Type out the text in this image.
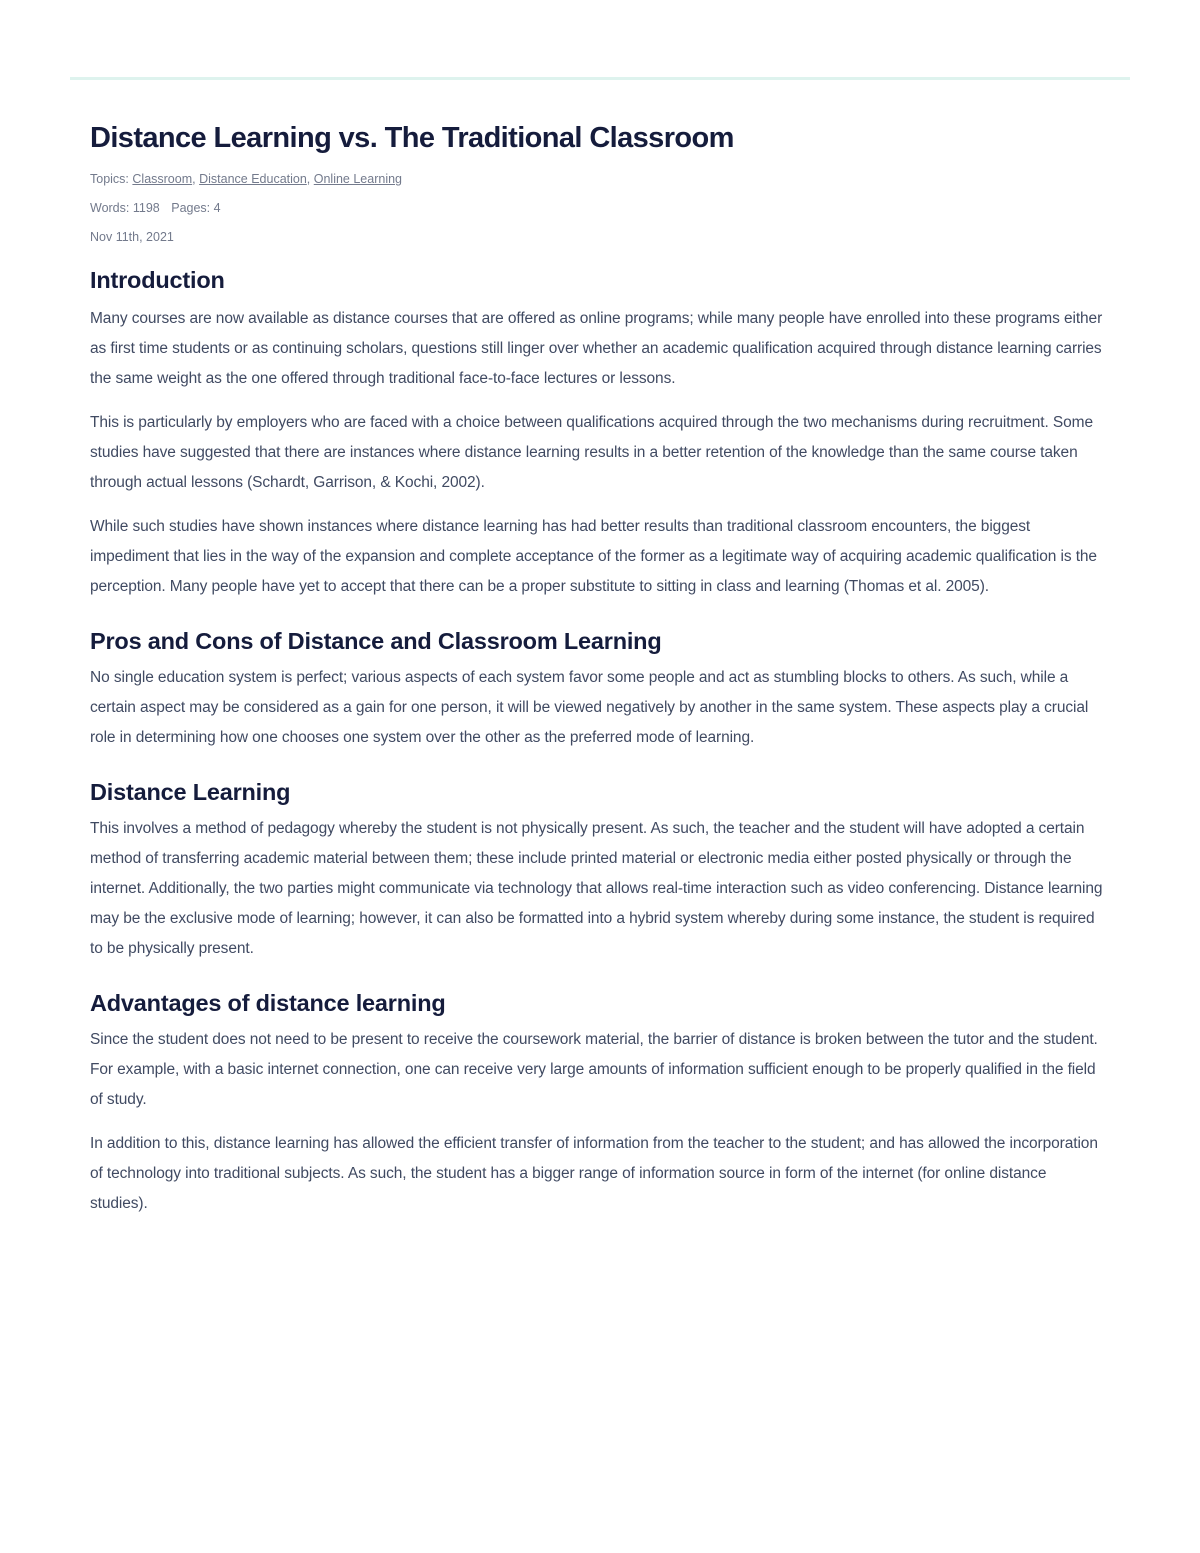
Distance Learning vs. The Traditional Classroom
Topics: Classroom, Distance Education, Online Learning
Words: 1198 Pages: 4
Nov 11th, 2021
Introduction

Many courses are now available as distance courses that are offered as online programs; while many people have enrolled into these programs either as first time students or as continuing scholars, questions still linger over whether an academic qualification acquired through distance learning carries the same weight as the one offered through traditional face-to-face lectures or lessons.

This is particularly by employers who are faced with a choice between qualifications acquired through the two mechanisms during recruitment. Some studies have suggested that there are instances where distance learning results in a better retention of the knowledge than the same course taken through actual lessons (Schardt, Garrison, & Kochi, 2002).

While such studies have shown instances where distance learning has had better results than traditional classroom encounters, the biggest impediment that lies in the way of the expansion and complete acceptance of the former as a legitimate way of acquiring academic qualification is the perception. Many people have yet to accept that there can be a proper substitute to sitting in class and learning (Thomas et al. 2005).

Pros and Cons of Distance and Classroom Learning

No single education system is perfect; various aspects of each system favor some people and act as stumbling blocks to others. As such, while a certain aspect may be considered as a gain for one person, it will be viewed negatively by another in the same system. These aspects play a crucial role in determining how one chooses one system over the other as the preferred mode of learning.

Distance Learning

This involves a method of pedagogy whereby the student is not physically present. As such, the teacher and the student will have adopted a certain method of transferring academic material between them; these include printed material or electronic media either posted physically or through the internet. Additionally, the two parties might communicate via technology that allows real-time interaction such as video conferencing. Distance learning may be the exclusive mode of learning; however, it can also be formatted into a hybrid system whereby during some instance, the student is required to be physically present.

Advantages of distance learning

Since the student does not need to be present to receive the coursework material, the barrier of distance is broken between the tutor and the student. For example, with a basic internet connection, one can receive very large amounts of information sufficient enough to be properly qualified in the field of study.

In addition to this, distance learning has allowed the efficient transfer of information from the teacher to the student; and has allowed the incorporation of technology into traditional subjects. As such, the student has a bigger range of information source in form of the internet (for online distance studies).
